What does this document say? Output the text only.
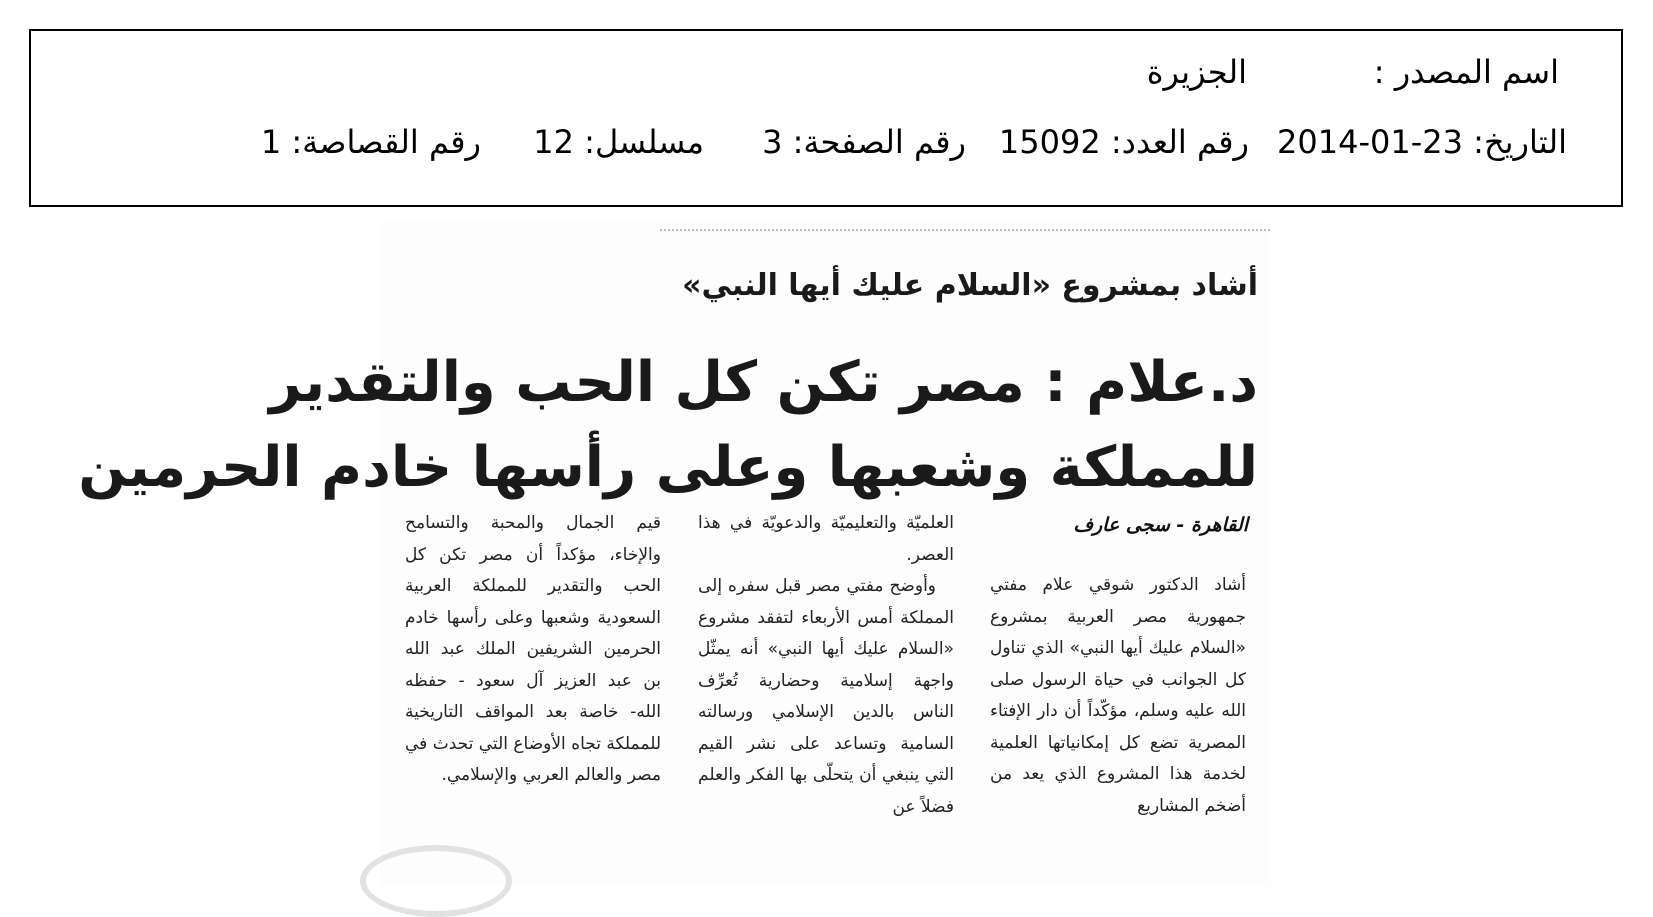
اسم المصدر :
الجزيرة
التاريخ: 23-01-2014
رقم العدد: 15092
رقم الصفحة: 3
مسلسل: 12
رقم القصاصة: 1
أشاد بمشروع «السلام عليك أيها النبي»
د.علام : مصر تكن كل الحب والتقدير
للمملكة وشعبها وعلى رأسها خادم الحرمين
القاهرة - سجى عارف

أشاد الدكتور شوقي علام مفتي جمهورية مصر العربية بمشروع «السلام عليك أيها النبي» الذي تناول كل الجوانب في حياة الرسول صلى الله عليه وسلم، مؤكّداً أن دار الإفتاء المصرية تضع كل إمكانياتها العلمية لخدمة هذا المشروع الذي يعد من أضخم المشاريع

العلميّة والتعليميّة والدعويّة في هذا العصر.

وأوضح مفتي مصر قبل سفره إلى المملكة أمس الأربعاء لتفقد مشروع «السلام عليك أيها النبي» أنه يمثّل واجهة إسلامية وحضارية تُعرِّف الناس بالدين الإسلامي ورسالته السامية وتساعد على نشر القيم التي ينبغي أن يتحلّى بها الفكر والعلم فضلاً عن

قيم الجمال والمحبة والتسامح والإخاء، مؤكداً أن مصر تكن كل الحب والتقدير للمملكة العربية السعودية وشعبها وعلى رأسها خادم الحرمين الشريفين الملك عبد الله بن عبد العزيز آل سعود - حفظه الله- خاصة بعد المواقف التاريخية للمملكة تجاه الأوضاع التي تحدث في مصر والعالم العربي والإسلامي.
